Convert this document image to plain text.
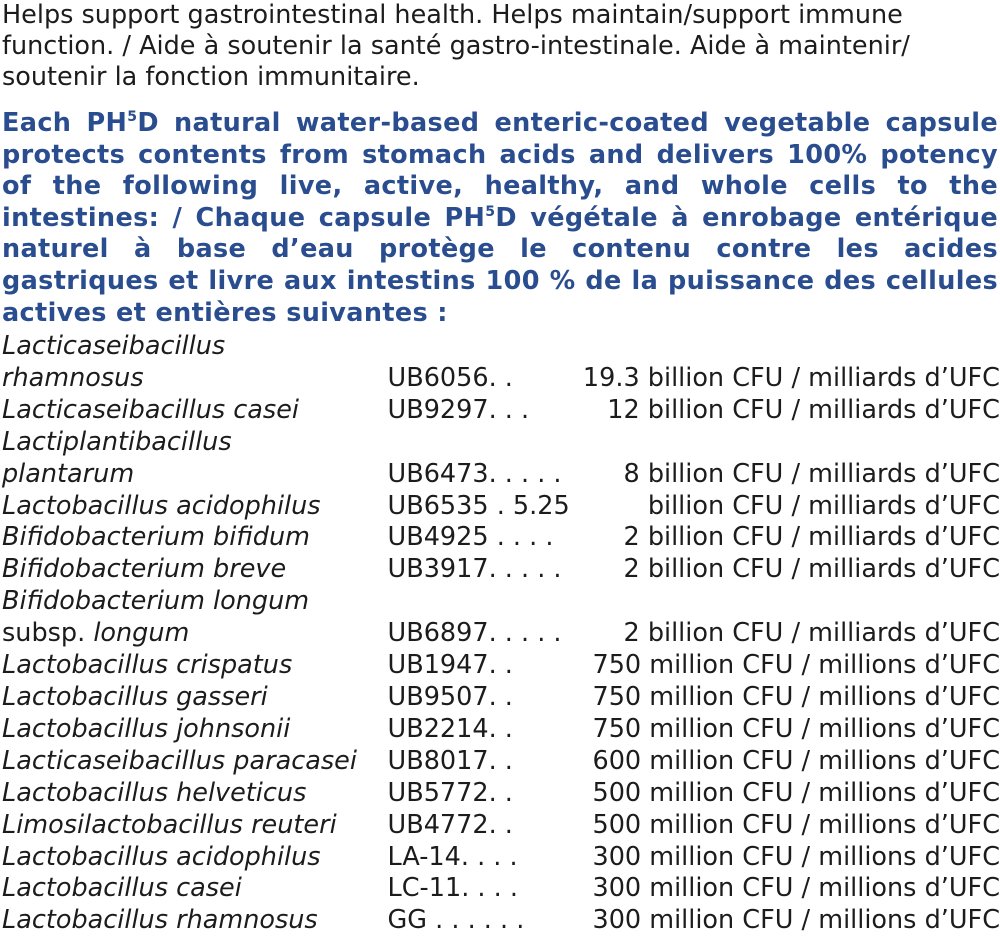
Helps support gastrointestinal health. Helps maintain/support immune function. / Aide à soutenir la santé gastro-intestinale. Aide à maintenir/ soutenir la fonction immunitaire.

Each $PH^5D$ natural water-based enteric-coated vegetable capsule protects contents from stomach acids and delivers 100% potency of the following live, active, healthy, and whole cells to the intestines: / Chaque capsule $PH^5D$ végétale à enrobage entérique naturel à base d’eau protège le contenu contre les acides gastriques et livre aux intestins 100 % de la puissance des cellules actives et entières suivantes :

Lacticaseibacillus		
rhamnosus	UB6056. .	19.3 billion CFU / milliards d’UFC
Lacticaseibacillus casei	UB9297. . .	12 billion CFU / milliards d’UFC
Lactiplantibacillus		
plantarum	UB6473. . . . .	8 billion CFU / milliards d’UFC
Lactobacillus acidophilus	UB6535 . 5.25	billion CFU / milliards d’UFC
Bifidobacterium bifidum	UB4925 . . . .	2 billion CFU / milliards d’UFC
Bifidobacterium breve	UB3917. . . . .	2 billion CFU / milliards d’UFC
Bifidobacterium longum		
subsp. longum	UB6897. . . . .	2 billion CFU / milliards d’UFC
Lactobacillus crispatus	UB1947. .	750 million CFU / millions d’UFC
Lactobacillus gasseri	UB9507. .	750 million CFU / millions d’UFC
Lactobacillus johnsonii	UB2214. .	750 million CFU / millions d’UFC
Lacticaseibacillus paracasei	UB8017. .	600 million CFU / millions d’UFC
Lactobacillus helveticus	UB5772. .	500 million CFU / millions d’UFC
Limosilactobacillus reuteri	UB4772. .	500 million CFU / millions d’UFC
Lactobacillus acidophilus	LA-14. . . .	300 million CFU / millions d’UFC
Lactobacillus casei	LC-11. . . .	300 million CFU / millions d’UFC
Lactobacillus rhamnosus	GG . . . . . .	300 million CFU / millions d’UFC
